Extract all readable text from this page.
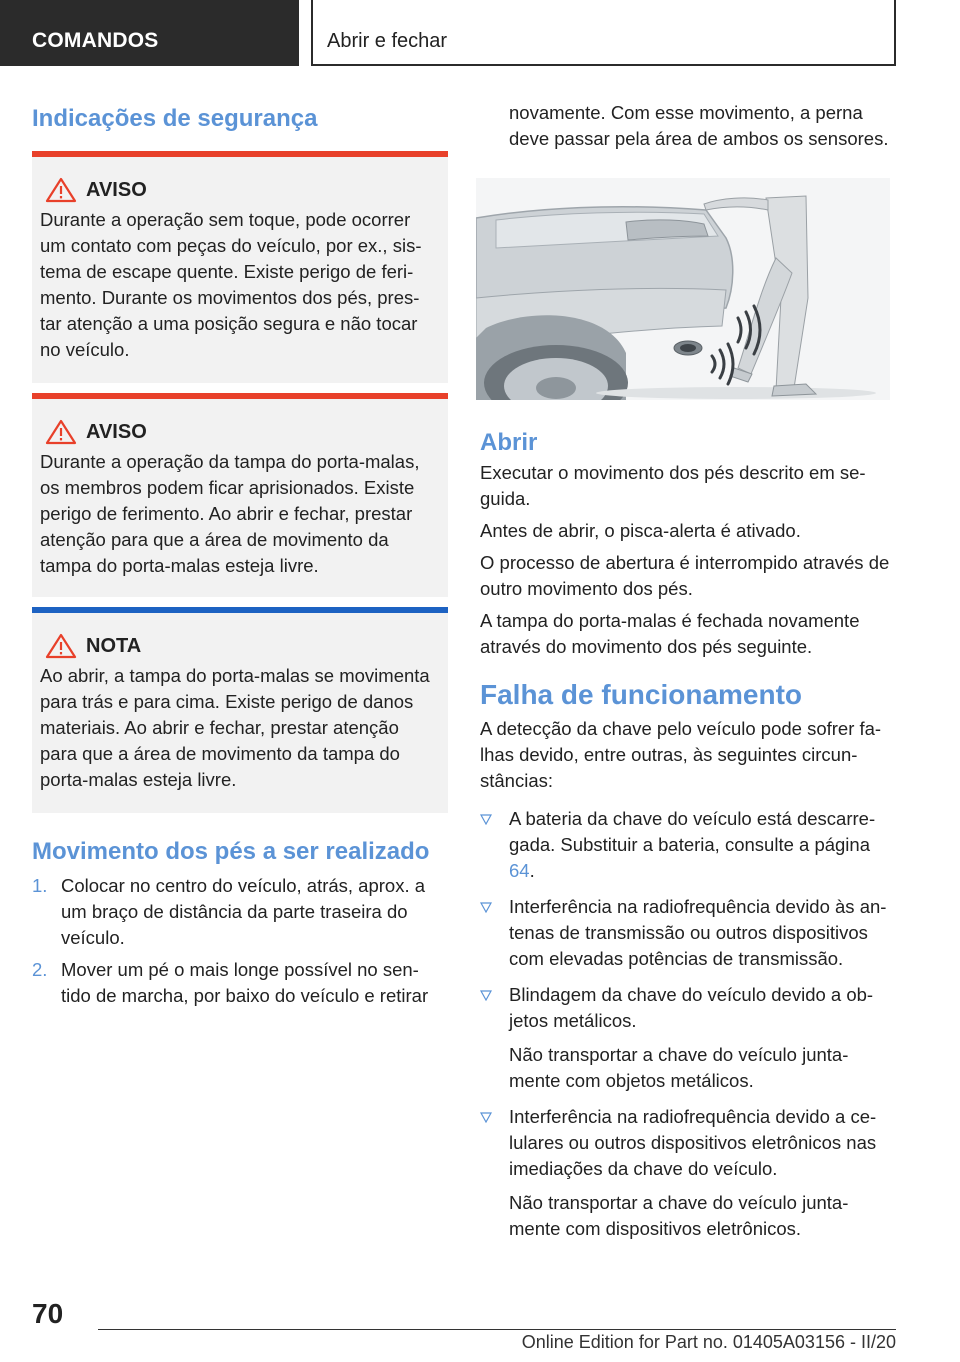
COMANDOS	Abrir e fechar
Indicações de segurança
AVISO
Durante a operação sem toque, pode ocorrer um contato com peças do veículo, por ex., sis-tema de escape quente. Existe perigo de feri-mento. Durante os movimentos dos pés, pres-tar atenção a uma posição segura e não tocar no veículo.
AVISO
Durante a operação da tampa do porta-malas, os membros podem ficar aprisionados. Existe perigo de ferimento. Ao abrir e fechar, prestar atenção para que a área de movimento da tampa do porta-malas esteja livre.
NOTA
Ao abrir, a tampa do porta-malas se movimenta para trás e para cima. Existe perigo de danos materiais. Ao abrir e fechar, prestar atenção para que a área de movimento da tampa do porta-malas esteja livre.
Movimento dos pés a ser realizado
1. Colocar no centro do veículo, atrás, aprox. a um braço de distância da parte traseira do veículo.
2. Mover um pé o mais longe possível no sen-tido de marcha, por baixo do veículo e retirar
novamente. Com esse movimento, a perna deve passar pela área de ambos os sensores.
Abrir
Executar o movimento dos pés descrito em se-guida.
Antes de abrir, o pisca-alerta é ativado.
O processo de abertura é interrompido através de outro movimento dos pés.
A tampa do porta-malas é fechada novamente através do movimento dos pés seguinte.
Falha de funcionamento
A detecção da chave pelo veículo pode sofrer fa-lhas devido, entre outras, às seguintes circun-stâncias:
A bateria da chave do veículo está descarre-gada. Substituir a bateria, consulte a página 64.
Interferência na radiofrequência devido às an-tenas de transmissão ou outros dispositivos com elevadas potências de transmissão.
Blindagem da chave do veículo devido a ob-jetos metálicos.
Não transportar a chave do veículo junta-mente com objetos metálicos.
Interferência na radiofrequência devido a ce-lulares ou outros dispositivos eletrônicos nas imediações da chave do veículo.
Não transportar a chave do veículo junta-mente com dispositivos eletrônicos.
70
Online Edition for Part no. 01405A03156 - II/20
